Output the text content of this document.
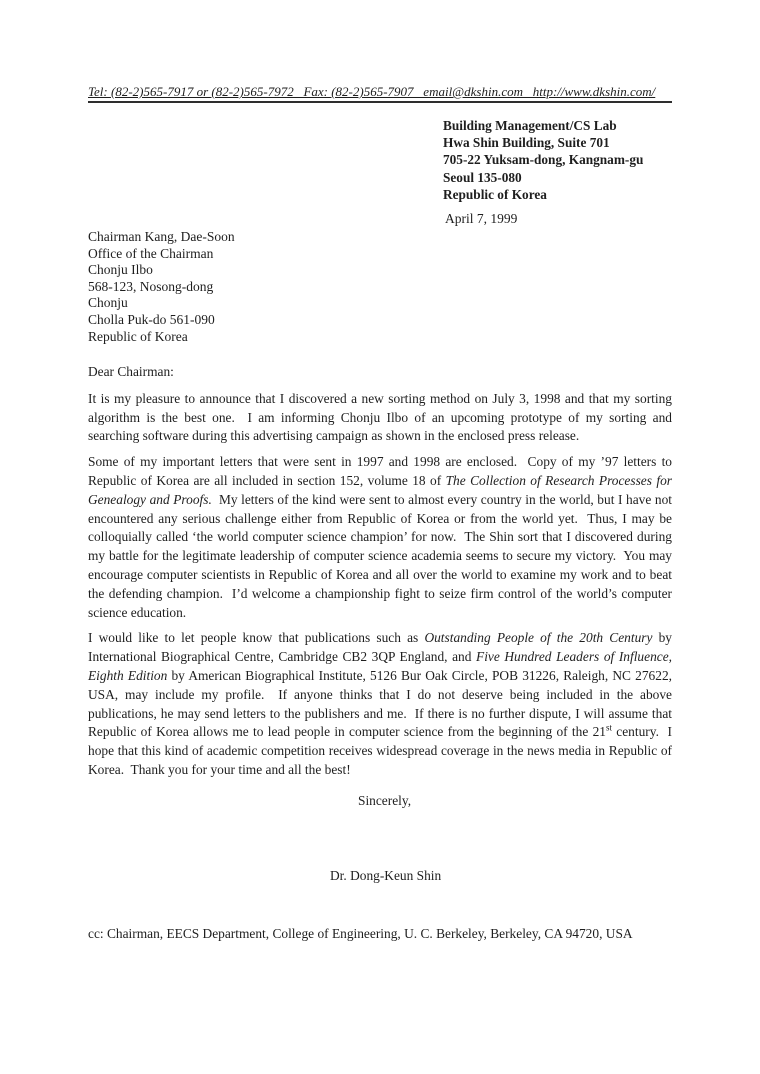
Tel: (82-2)565-7917 or (82-2)565-7972   Fax: (82-2)565-7907   email@dkshin.com   http://www.dkshin.com/
Building Management/CS Lab
Hwa Shin Building, Suite 701
705-22 Yuksam-dong, Kangnam-gu
Seoul 135-080
Republic of Korea
April 7, 1999
Chairman Kang, Dae-Soon
Office of the Chairman
Chonju Ilbo
568-123, Nosong-dong
Chonju
Cholla Puk-do 561-090
Republic of Korea
Dear Chairman:

It is my pleasure to announce that I discovered a new sorting method on July 3, 1998 and that my sorting algorithm is the best one.  I am informing Chonju Ilbo of an upcoming prototype of my sorting and searching software during this advertising campaign as shown in the enclosed press release.

Some of my important letters that were sent in 1997 and 1998 are enclosed.  Copy of my ’97 letters to Republic of Korea are all included in section 152, volume 18 of The Collection of Research Processes for Genealogy and Proofs.  My letters of the kind were sent to almost every country in the world, but I have not encountered any serious challenge either from Republic of Korea or from the world yet.  Thus, I may be colloquially called ‘the world computer science champion’ for now.  The Shin sort that I discovered during my battle for the legitimate leadership of computer science academia seems to secure my victory.  You may encourage computer scientists in Republic of Korea and all over the world to examine my work and to beat the defending champion.  I’d welcome a championship fight to seize firm control of the world’s computer science education.

I would like to let people know that publications such as Outstanding People of the 20th Century by International Biographical Centre, Cambridge CB2 3QP England, and Five Hundred Leaders of Influence, Eighth Edition by American Biographical Institute, 5126 Bur Oak Circle, POB 31226, Raleigh, NC 27622, USA, may include my profile.  If anyone thinks that I do not deserve being included in the above publications, he may send letters to the publishers and me.  If there is no further dispute, I will assume that Republic of Korea allows me to lead people in computer science from the beginning of the 21st century.  I hope that this kind of academic competition receives widespread coverage in the news media in Republic of Korea.  Thank you for your time and all the best!

Sincerely,
Dr. Dong-Keun Shin
cc: Chairman, EECS Department, College of Engineering, U. C. Berkeley, Berkeley, CA 94720, USA
